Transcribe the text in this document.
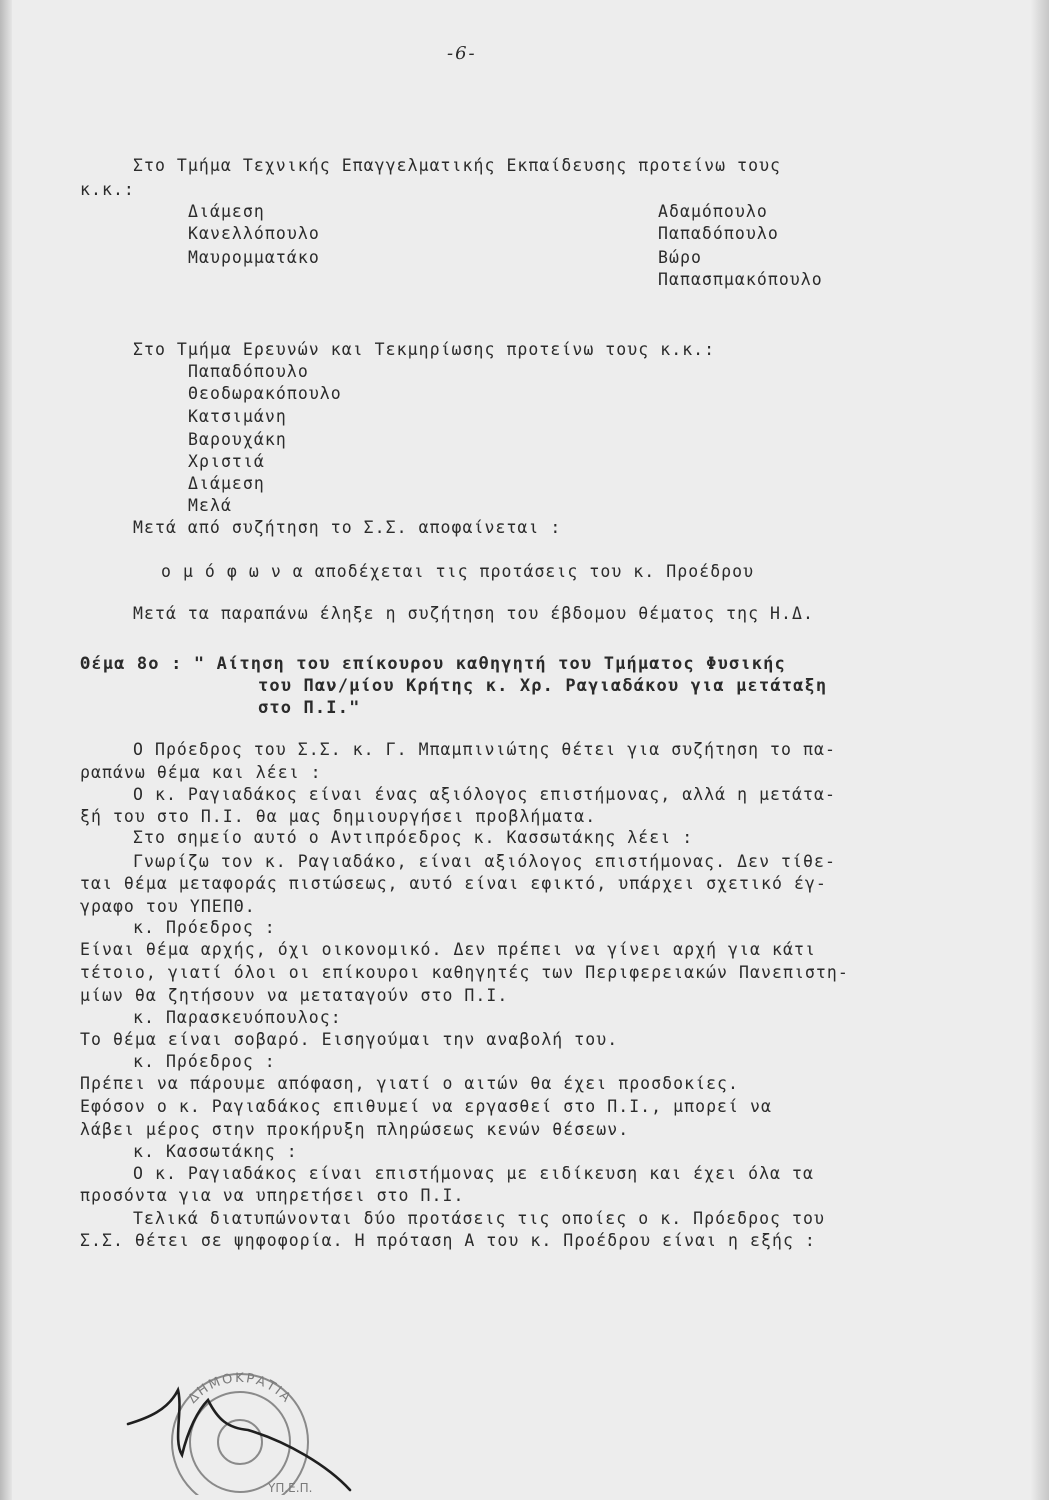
-6-
Στο Τμήμα Τεχνικής Επαγγελματικής Εκπαίδευσης προτείνω τους
κ.κ.:
Διάμεση
Κανελλόπουλο
Μαυρομματάκο
Αδαμόπουλο
Παπαδόπουλο
Βώρο
Παπασπμακόπουλο
Στο Τμήμα Ερευνών και Τεκμηρίωσης προτείνω τους κ.κ.:
Παπαδόπουλο
Θεοδωρακόπουλο
Κατσιμάνη
Βαρουχάκη
Χριστιά
Διάμεση
Μελά
Μετά από συζήτηση το Σ.Σ. αποφαίνεται :
ο μ ό φ ω ν α αποδέχεται τις προτάσεις του κ. Προέδρου
Μετά τα παραπάνω έληξε η συζήτηση του έβδομου θέματος της Η.Δ.
Θέμα 8ο : " Αίτηση του επίκουρου καθηγητή του Τμήματος Φυσικής
του Παν/μίου Κρήτης κ. Χρ. Ραγιαδάκου για μετάταξη
στο Π.Ι."
Ο Πρόεδρος του Σ.Σ. κ. Γ. Μπαμπινιώτης θέτει για συζήτηση το πα-
ραπάνω θέμα και λέει :
Ο κ. Ραγιαδάκος είναι ένας αξιόλογος επιστήμονας, αλλά η μετάτα-
ξή του στο Π.Ι. θα μας δημιουργήσει προβλήματα.
Στο σημείο αυτό ο Αντιπρόεδρος κ. Κασσωτάκης λέει :
Γνωρίζω τον κ. Ραγιαδάκο, είναι αξιόλογος επιστήμονας. Δεν τίθε-
ται θέμα μεταφοράς πιστώσεως, αυτό είναι εφικτό, υπάρχει σχετικό έγ-
γραφο του ΥΠΕΠΘ.
κ. Πρόεδρος :
Είναι θέμα αρχής, όχι οικονομικό. Δεν πρέπει να γίνει αρχή για κάτι
τέτοιο, γιατί όλοι οι επίκουροι καθηγητές των Περιφερειακών Πανεπιστη-
μίων θα ζητήσουν να μεταταγούν στο Π.Ι.
κ. Παρασκευόπουλος:
Το θέμα είναι σοβαρό. Εισηγούμαι την αναβολή του.
κ. Πρόεδρος :
Πρέπει να πάρουμε απόφαση, γιατί ο αιτών θα έχει προσδοκίες.
Εφόσον ο κ. Ραγιαδάκος επιθυμεί να εργασθεί στο Π.Ι., μπορεί να
λάβει μέρος στην προκήρυξη πληρώσεως κενών θέσεων.
κ. Κασσωτάκης :
Ο κ. Ραγιαδάκος είναι επιστήμονας με ειδίκευση και έχει όλα τα
προσόντα για να υπηρετήσει στο Π.Ι.
Τελικά διατυπώνονται δύο προτάσεις τις οποίες ο κ. Πρόεδρος του
Σ.Σ. θέτει σε ψηφοφορία. Η πρόταση Α του κ. Προέδρου είναι η εξής :
ΔΗΜΟΚΡΑΤΙΑ
ΥΠ.Ε.Π.
